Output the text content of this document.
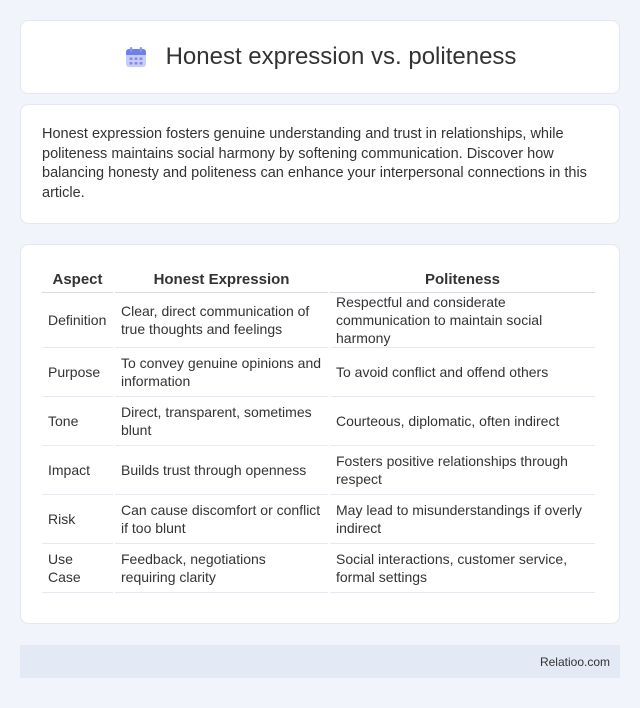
Honest expression vs. politeness

Honest expression fosters genuine understanding and trust in relationships, while politeness maintains social harmony by softening communication. Discover how balancing honesty and politeness can enhance your interpersonal connections in this article.

Aspect	Honest Expression	Politeness
Definition	Clear, direct communication of true thoughts and feelings	Respectful and considerate communication to maintain social harmony
Purpose	To convey genuine opinions and information	To avoid conflict and offend others
Tone	Direct, transparent, sometimes blunt	Courteous, diplomatic, often indirect
Impact	Builds trust through openness	Fosters positive relationships through respect
Risk	Can cause discomfort or conflict if too blunt	May lead to misunderstandings if overly indirect
Use Case	Feedback, negotiations requiring clarity	Social interactions, customer service, formal settings
Relatioo.com
